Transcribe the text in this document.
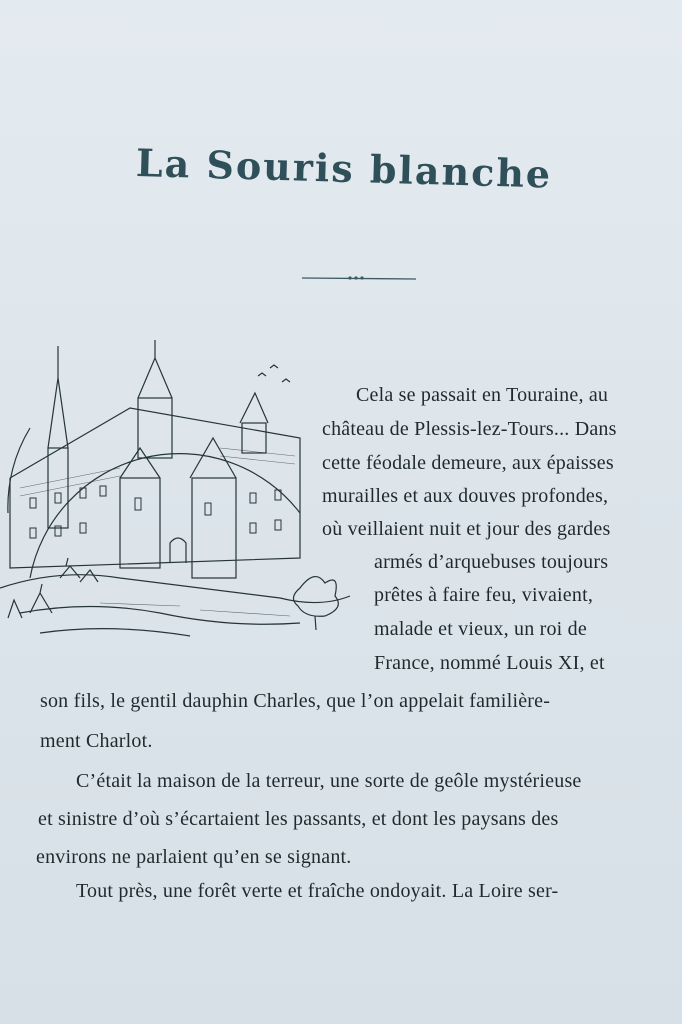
La Souris blanche
Cela se passait en Touraine, au
château de Plessis-lez-Tours... Dans
cette féodale demeure, aux épaisses
murailles et aux douves profondes,
où veillaient nuit et jour des gardes
armés d’arquebuses toujours
prêtes à faire feu, vivaient,
malade et vieux, un roi de
France, nommé Louis XI, et
son fils, le gentil dauphin Charles, que l’on appelait familière-
ment Charlot.
C’était la maison de la terreur, une sorte de geôle mystérieuse
et sinistre d’où s’écartaient les passants, et dont les paysans des
environs ne parlaient qu’en se signant.
Tout près, une forêt verte et fraîche ondoyait. La Loire ser-
